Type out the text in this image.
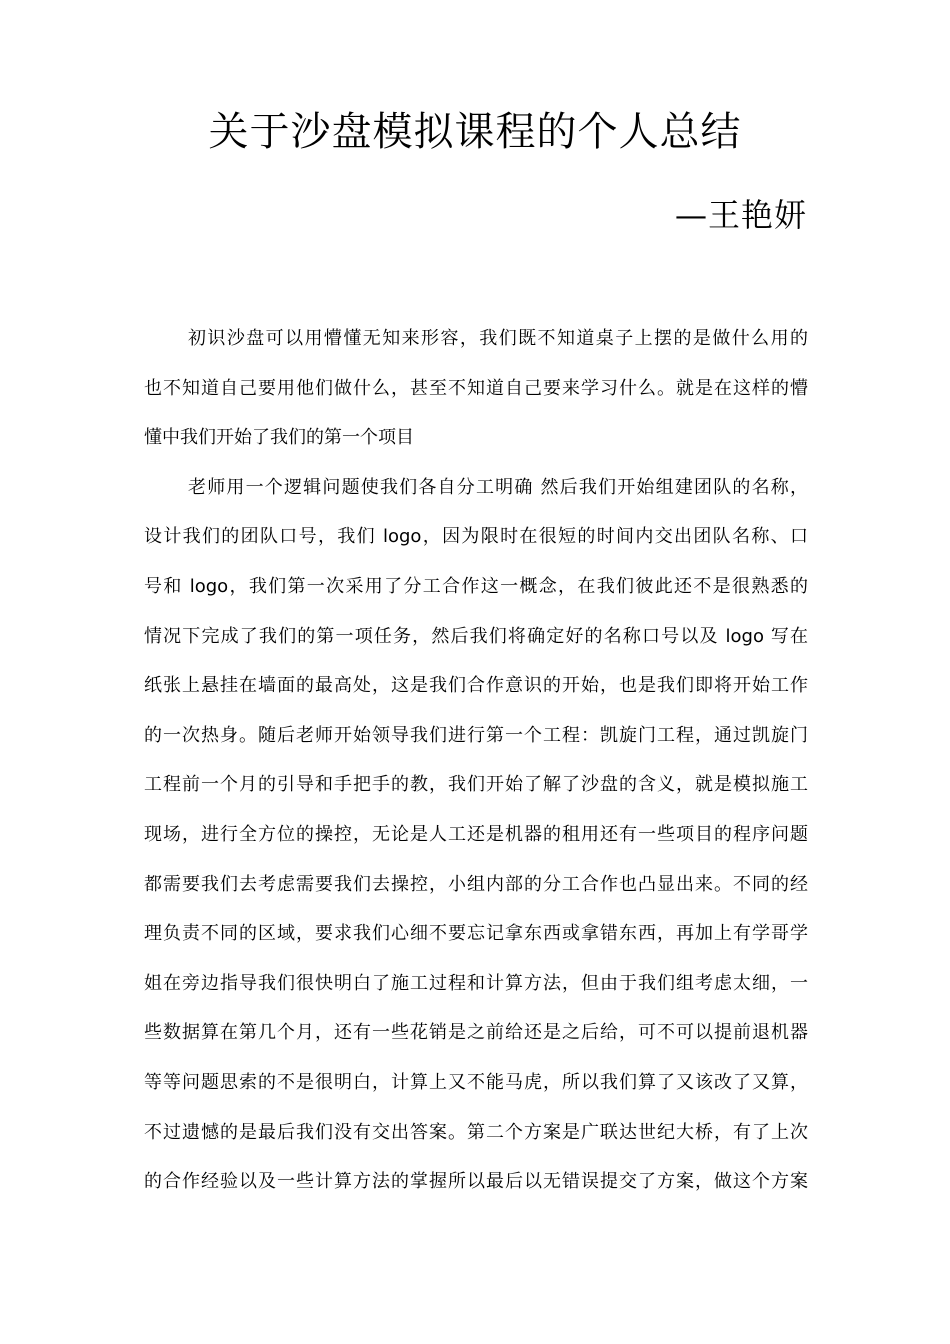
关于沙盘模拟课程的个人总结
—王艳妍
初识沙盘可以用懵懂无知来形容，我们既不知道桌子上摆的是做什么用的
也不知道自己要用他们做什么，甚至不知道自己要来学习什么。就是在这样的懵
懂中我们开始了我们的第一个项目
老师用一个逻辑问题使我们各自分工明确 然后我们开始组建团队的名称，
设计我们的团队口号，我们 logo，因为限时在很短的时间内交出团队名称、口
号和 logo，我们第一次采用了分工合作这一概念，在我们彼此还不是很熟悉的
情况下完成了我们的第一项任务，然后我们将确定好的名称口号以及 logo 写在
纸张上悬挂在墙面的最高处，这是我们合作意识的开始，也是我们即将开始工作
的一次热身。随后老师开始领导我们进行第一个工程：凯旋门工程，通过凯旋门
工程前一个月的引导和手把手的教，我们开始了解了沙盘的含义，就是模拟施工
现场，进行全方位的操控，无论是人工还是机器的租用还有一些项目的程序问题
都需要我们去考虑需要我们去操控，小组内部的分工合作也凸显出来。不同的经
理负责不同的区域，要求我们心细不要忘记拿东西或拿错东西，再加上有学哥学
姐在旁边指导我们很快明白了施工过程和计算方法，但由于我们组考虑太细，一
些数据算在第几个月，还有一些花销是之前给还是之后给，可不可以提前退机器
等等问题思索的不是很明白，计算上又不能马虎，所以我们算了又该改了又算，
不过遗憾的是最后我们没有交出答案。第二个方案是广联达世纪大桥，有了上次
的合作经验以及一些计算方法的掌握所以最后以无错误提交了方案，做这个方案
